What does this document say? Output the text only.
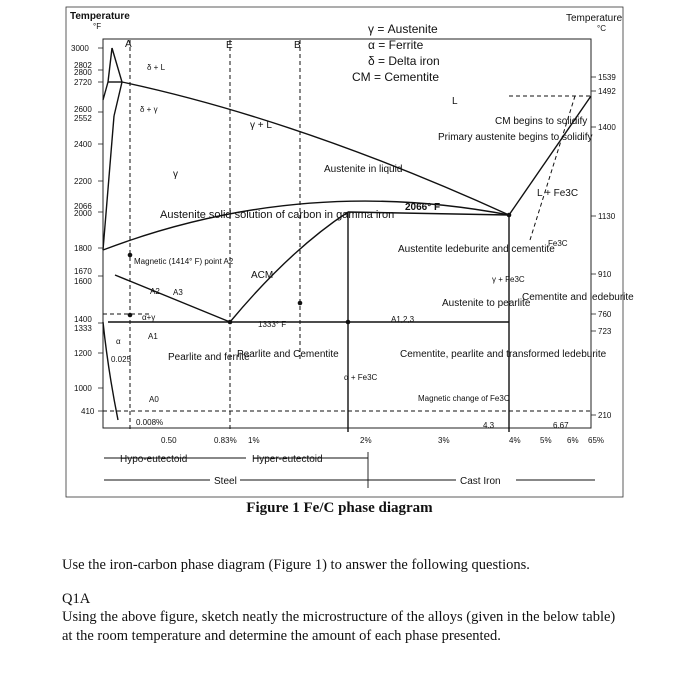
Temperature
°F
Temperature
°C
3000
2802
2800
2720
2600
2552
2400
2200
2066
2000
1800
1670
1600
1400
1333
1200
1000
410
1539
1492
1400
1130
910
760
723
210
γ = Austenite
α = Ferrite
δ = Delta iron
CM = Cementite
A	E	B
L
δ + L
δ + γ
γ + L
γ	Austenite in liquid
CM begins to solidify
Primary austenite begins to solidify
L + Fe3C
2066° F
Austenite solid solution of carbon in gamma iron
Austentite ledeburite and cementite
Fe3C
γ + Fe3C
Cementite and ledeburite
Austenite to pearlite
Magnetic (1414° F) point A2
ACM
A2 A3
α+γ
A1
α
1333° F
A1,2,3
Pearlite and ferrite
Pearlite and Cementite	Cementite, pearlite and transformed ledeburite
α + Fe3C
Magnetic change of Fe3C
A0
0.025
0.008%
0.50	0.83% 1%	2%
4.3	6.67
3%	4% 5% 6% 65%
Hypo-eutectoid	Hyper-eutectoid
Steel	Cast Iron
Figure 1 Fe/C phase diagram
Use the iron-carbon phase diagram (Figure 1) to answer the following questions.
Q1A
Using the above figure, sketch neatly the microstructure of the alloys (given in the below table) at the room temperature and determine the amount of each phase presented.
